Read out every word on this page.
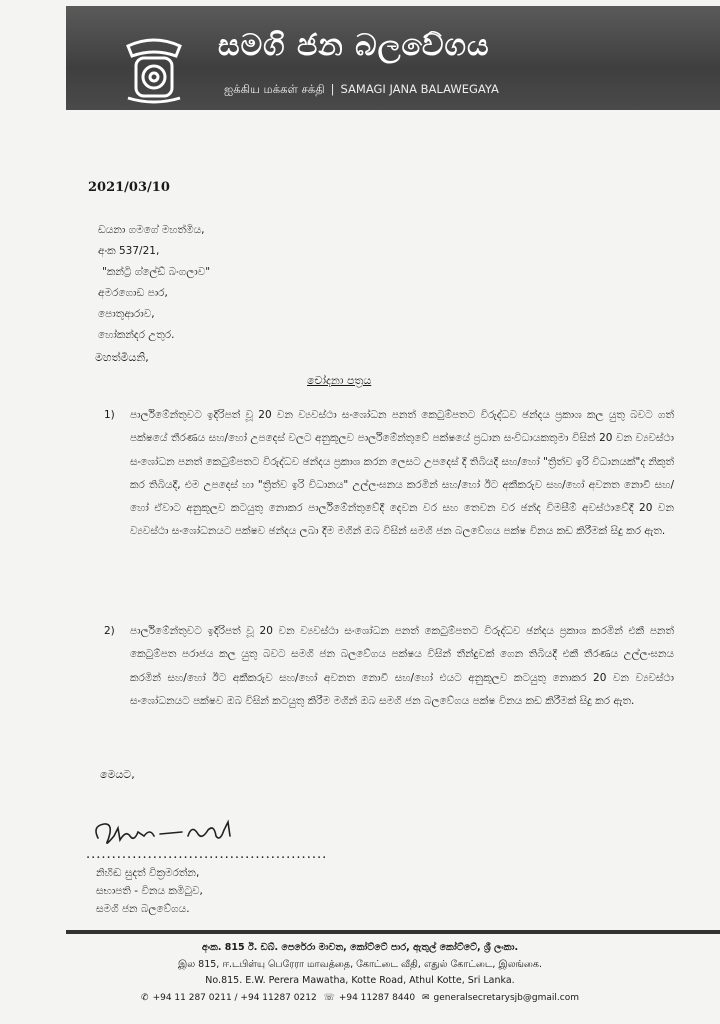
සමගි ජන බලවේගය
ஐக்கிய மக்கள் சக்தி | SAMAGI JANA BALAWEGAYA
2021/03/10
ඩයනා ගමගේ මහත්මිය,
අංක 537/21,
"කන්ට්‍රි ග්ලේඩ් බංගලාව"
අමරගොඩ පාර,
පොතුආරාව,
හෝකන්දර උතුර.
මහත්මියනි,
චෝදනා පත්‍රය
1) පාර්ලිමේන්තුවට ඉදිරිපත් වූ 20 වන ව්‍යවස්ථා සංශෝධන පනත් කෙටුම්පතට විරුද්ධව ඡන්දය ප්‍රකාශ කල යුතු බවට ගත් පක්ෂයේ තීරණය සහ/හෝ උපදෙස් වලට අනුකූලව පාර්ලිමේන්තුවේ පක්ෂයේ ප්‍රධාන සංවිධායකතුමා විසින් 20 වන ව්‍යවස්ථා සංශෝධන පනත් කෙටුම්පතට විරුද්ධව ඡන්දය ප්‍රකාශ කරන ලෙසට උපදෙස් දී තිබියදී සහ/හෝ "ත්‍රිත්ව ඉරි විධානයක්"ද නිකුත් කර තිබියදී, එම උපදෙස් හා "ත්‍රිත්ව ඉරි විධානය" උල්ලංඝනය කරමින් සහ/හෝ ඊට අකීකරුව සහ/හෝ අවනත නොවී සහ/හෝ ඒවාට අනුකූලව කටයුතු නොකර පාර්ලිමේන්තුවේදී දෙවන වර සහ තෙවන වර ඡන්ද විමසීම් අවස්ථාවේදී 20 වන ව්‍යවස්ථා සංශෝධනයට පක්ෂව ඡන්දය ලබා දීම මගින් ඔබ විසින් සමගි ජන බලවේගය පක්ෂ විනය කඩ කිරීමක් සිදු කර ඇත.
2) පාර්ලිමේන්තුවට ඉදිරිපත් වූ 20 වන ව්‍යවස්ථා සංශෝධන පනත් කෙටුම්පතට විරුද්ධව ඡන්දය ප්‍රකාශ කරමින් එකී පනත් කෙටුම්පත පරාජය කල යුතු බවට සමගි ජන බලවේගය පක්ෂය විසින් තීන්දුවක් ගෙන තිබියදී එකී තීරණය උල්ලංඝනය කරමින් සහ/හෝ ඊට අකීකරුව සහ/හෝ අවනත නොවී සහ/හෝ එයට අනුකූලව කටයුතු නොකර 20 වන ව්‍යවස්ථා සංශෝධනයට පක්ෂව ඔබ විසින් කටයුතු කිරීම මගින් ඔබ සමගි ජන බලවේගය පක්ෂ විනය කඩ කිරීමක් සිදු කර ඇත.
මෙයට,
...............................................
නිහිඬ සුදත් වික්‍රමරත්න,
සභාපති - විනය කමිටුව,
සමගි ජන බලවේගය.
අංක. 815 ඊ. ඩබ්. පෙරේරා මාවත, කෝට්ටේ පාර, ඇතුල් කෝට්ටේ, ශ්‍රී ලංකා.
இல 815, ஈ.டபிள்யு பெரேரா மாவத்தை, கோட்டை வீதி, எதுல் கோட்டை, இலங்கை.
No.815. E.W. Perera Mawatha, Kotte Road, Athul Kotte, Sri Lanka.
✆ +94 11 287 0211 / +94 11287 0212 ☏ +94 11287 8440 ✉ generalsecretarysjb@gmail.com
